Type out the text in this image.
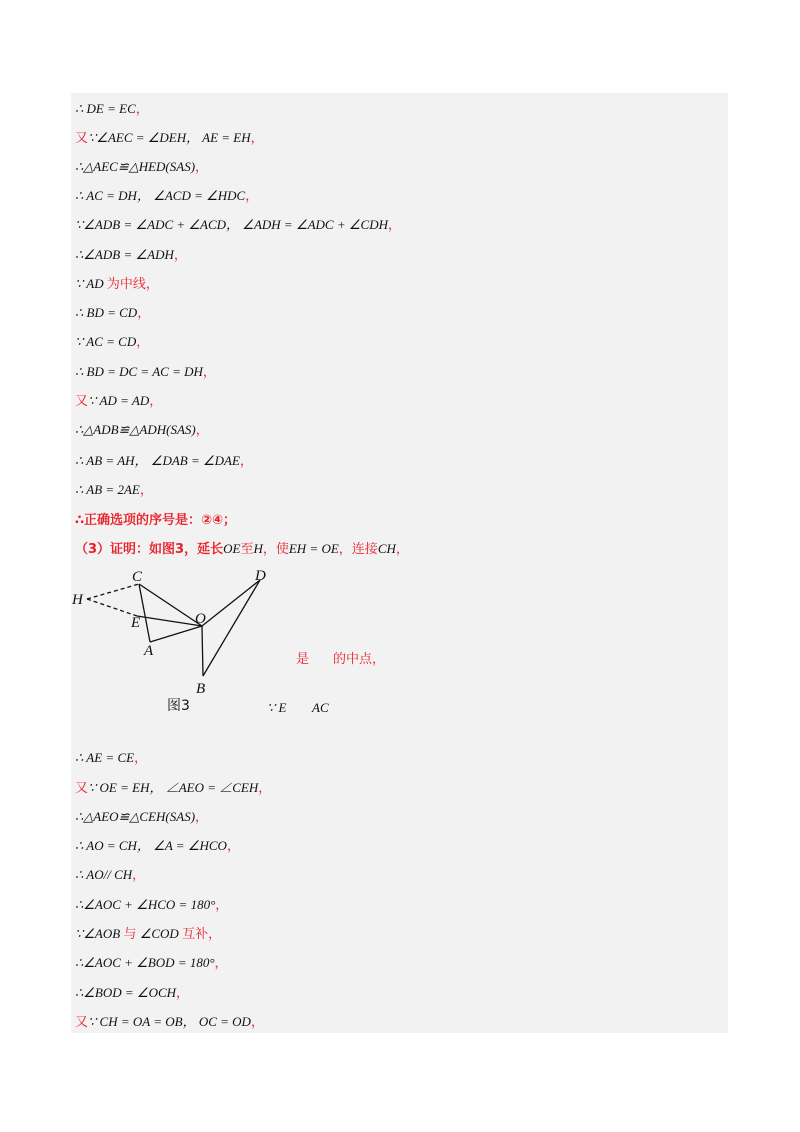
∴ DE = EC，
又∵∠AEC = ∠DEH， AE = EH，
∴△AEC≌△HED(SAS)，
∴ AC = DH， ∠ACD = ∠HDC，
∵∠ADB = ∠ADC + ∠ACD， ∠ADH = ∠ADC + ∠CDH，
∴∠ADB = ∠ADH，
∵ AD 为中线，
∴ BD = CD，
∵ AC = CD，
∴ BD = DC = AC = DH，
又∵ AD = AD，
∴△ADB≌△ADH(SAS)，
∴ AB = AH， ∠DAB = ∠DAE，
∴ AB = 2AE，
∴正确选项的序号是：②④；
（3）证明：如图3，延长OE至H，使EH = OE，连接CH，
C	D
H
E	O
A
B
图3
是 的中点，
∵ E AC
∴ AE = CE，
又∵ OE = EH， ∠AEO = ∠CEH，
∴△AEO≌△CEH(SAS)，
∴ AO = CH， ∠A = ∠HCO，
∴ AO// CH，
∴∠AOC + ∠HCO = 180°，
∵∠AOB 与 ∠COD 互补，
∴∠AOC + ∠BOD = 180°，
∴∠BOD = ∠OCH，
又∵ CH = OA = OB， OC = OD，
